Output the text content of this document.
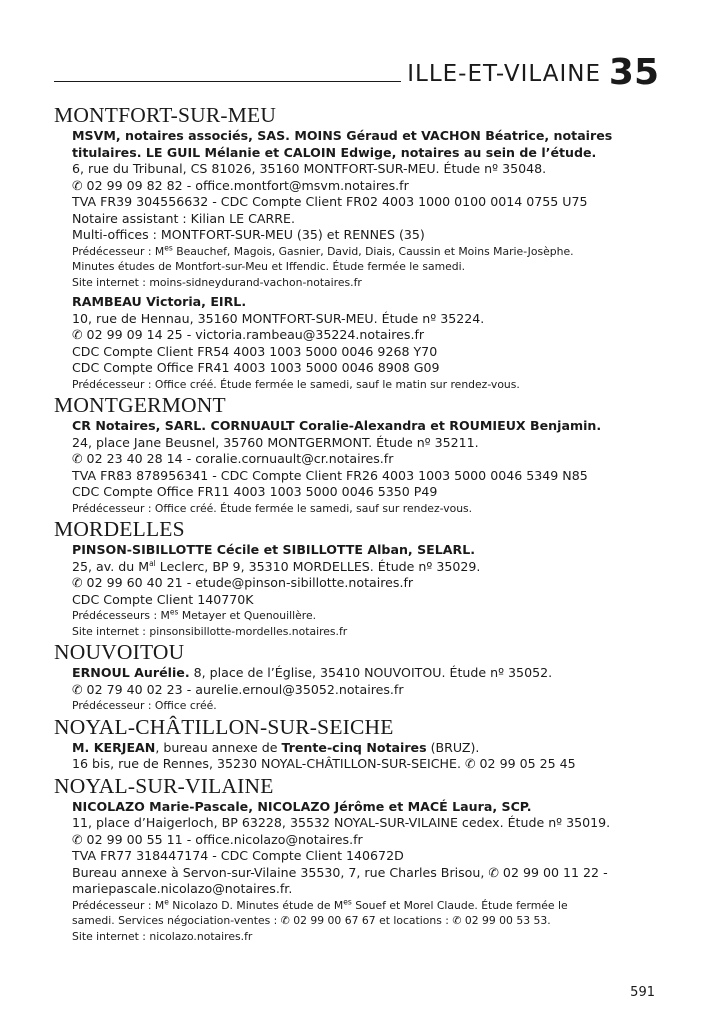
ILLE-ET-VILAINE 35
MONTFORT-SUR-MEU
MSVM, notaires associés, SAS. MOINS Géraud et VACHON Béatrice, notaires
titulaires. LE GUIL Mélanie et CALOIN Edwige, notaires au sein de l’étude.
6, rue du Tribunal, CS 81026, 35160 MONTFORT-SUR-MEU. Étude nº 35048.
✆ 02 99 09 82 82 - office.montfort@msvm.notaires.fr
TVA FR39 304556632 - CDC Compte Client FR02 4003 1000 0100 0014 0755 U75
Notaire assistant : Kilian LE CARRE.
Multi-offices : MONTFORT-SUR-MEU (35) et RENNES (35)
Prédécesseur : $M^{es}$ Beauchef, Magois, Gasnier, David, Diais, Caussin et Moins Marie-Josèphe.
Minutes études de Montfort-sur-Meu et Iffendic. Étude fermée le samedi.
Site internet : moins-sidneydurand-vachon-notaires.fr
RAMBEAU Victoria, EIRL.
10, rue de Hennau, 35160 MONTFORT-SUR-MEU. Étude nº 35224.
✆ 02 99 09 14 25 - victoria.rambeau@35224.notaires.fr
CDC Compte Client FR54 4003 1003 5000 0046 9268 Y70
CDC Compte Office FR41 4003 1003 5000 0046 8908 G09
Prédécesseur : Office créé. Étude fermée le samedi, sauf le matin sur rendez-vous.
MONTGERMONT
CR Notaires, SARL. CORNUAULT Coralie-Alexandra et ROUMIEUX Benjamin.
24, place Jane Beusnel, 35760 MONTGERMONT. Étude nº 35211.
✆ 02 23 40 28 14 - coralie.cornuault@cr.notaires.fr
TVA FR83 878956341 - CDC Compte Client FR26 4003 1003 5000 0046 5349 N85
CDC Compte Office FR11 4003 1003 5000 0046 5350 P49
Prédécesseur : Office créé. Étude fermée le samedi, sauf sur rendez-vous.
MORDELLES
PINSON-SIBILLOTTE Cécile et SIBILLOTTE Alban, SELARL.
25, av. du $M^{al}$ Leclerc, BP 9, 35310 MORDELLES. Étude nº 35029.
✆ 02 99 60 40 21 - etude@pinson-sibillotte.notaires.fr
CDC Compte Client 140770K
Prédécesseurs : $M^{es}$ Metayer et Quenouillère.
Site internet : pinsonsibillotte-mordelles.notaires.fr
NOUVOITOU
ERNOUL Aurélie. 8, place de l’Église, 35410 NOUVOITOU. Étude nº 35052.
✆ 02 79 40 02 23 - aurelie.ernoul@35052.notaires.fr
Prédécesseur : Office créé.
NOYAL-CHÂTILLON-SUR-SEICHE
M. KERJEAN, bureau annexe de Trente-cinq Notaires (BRUZ).
16 bis, rue de Rennes, 35230 NOYAL-CHÂTILLON-SUR-SEICHE. ✆ 02 99 05 25 45
NOYAL-SUR-VILAINE
NICOLAZO Marie-Pascale, NICOLAZO Jérôme et MACÉ Laura, SCP.
11, place d’Haigerloch, BP 63228, 35532 NOYAL-SUR-VILAINE cedex. Étude nº 35019.
✆ 02 99 00 55 11 - office.nicolazo@notaires.fr
TVA FR77 318447174 - CDC Compte Client 140672D
Bureau annexe à Servon-sur-Vilaine 35530, 7, rue Charles Brisou, ✆ 02 99 00 11 22 -
mariepascale.nicolazo@notaires.fr.
Prédécesseur : Me Nicolazo D. Minutes étude de $M^{es}$ Souef et Morel Claude. Étude fermée le
samedi. Services négociation-ventes : ✆ 02 99 00 67 67 et locations : ✆ 02 99 00 53 53.
Site internet : nicolazo.notaires.fr
591
